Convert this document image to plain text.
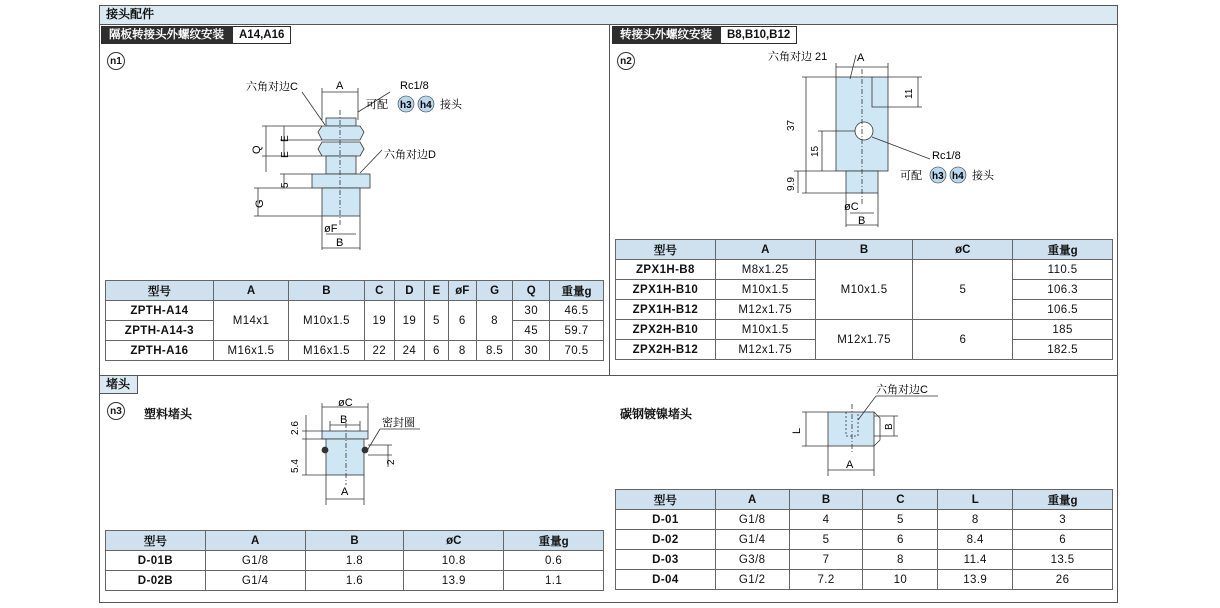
接头配件
堵头
隔板转接头外螺纹安装	A14,A16
n1
六角对边C	A	Rc1/8
可配 h3 h4 接头
六角对边D
Q
E
E
5
G
øF
B
型号	A	B	C	D	E	øF	G	Q	重量g
ZPTH-A14	M14x1	M10x1.5	19	19	5	6	8	30	46.5
ZPTH-A14-3								45	59.7
ZPTH-A16	M16x1.5	M16x1.5	22	24	6	8	8.5	30	70.5
转接头外螺纹安装	B8,B10,B12
n2	六角对边 21	A
11
37
15
9.9
Rc1/8
可配 h3 h4 接头
øC
B
型号	A	B	øC	重量g
ZPX1H-B8	M8x1.25	M10x1.5	5	110.5
ZPX1H-B10	M10x1.5			106.3
ZPX1H-B12	M12x1.75			106.5
ZPX2H-B10	M10x1.5	M12x1.75	6	185
ZPX2H-B12	M12x1.75			182.5
n3 塑料堵头
øC
B	密封圈
2.6
5.4	2
A
型号	A	B	øC	重量g
D-01B	G1/8	1.8	10.8	0.6
D-02B	G1/4	1.6	13.9	1.1
碳钢镀镍堵头
六角对边C
L
B
A
型号	A	B	C	L	重量g
D-01	G1/8	4	5	8	3
D-02	G1/4	5	6	8.4	6
D-03	G3/8	7	8	11.4	13.5
D-04	G1/2	7.2	10	13.9	26
